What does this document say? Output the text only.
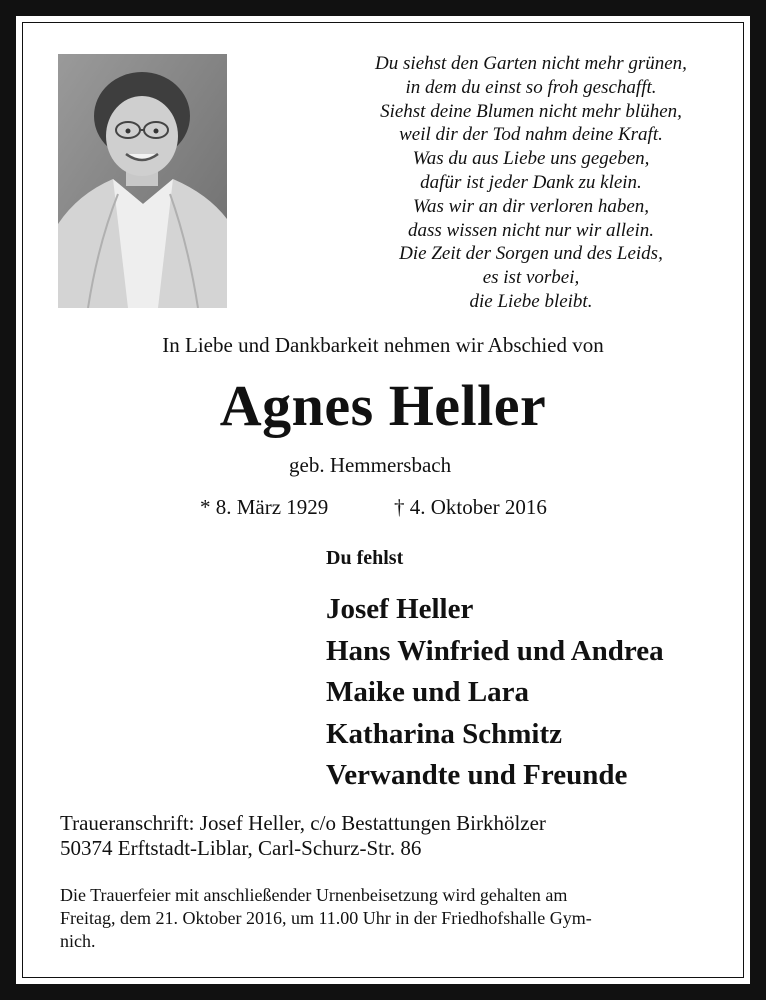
Du siehst den Garten nicht mehr grünen,
in dem du einst so froh geschafft.
Siehst deine Blumen nicht mehr blühen,
weil dir der Tod nahm deine Kraft.
Was du aus Liebe uns gegeben,
dafür ist jeder Dank zu klein.
Was wir an dir verloren haben,
dass wissen nicht nur wir allein.
Die Zeit der Sorgen und des Leids,
es ist vorbei,
die Liebe bleibt.
In Liebe und Dankbarkeit nehmen wir Abschied von
Agnes Heller
geb. Hemmersbach
* 8. März 1929	† 4. Oktober 2016
Du fehlst
Josef Heller
Hans Winfried und Andrea
Maike und Lara
Katharina Schmitz
Verwandte und Freunde
Traueranschrift: Josef Heller, c/o Bestattungen Birkhölzer
50374 Erftstadt-Liblar, Carl-Schurz-Str. 86
Die Trauerfeier mit anschließender Urnenbeisetzung wird gehalten am
Freitag, dem 21. Oktober 2016, um 11.00 Uhr in der Friedhofshalle Gym-
nich.
